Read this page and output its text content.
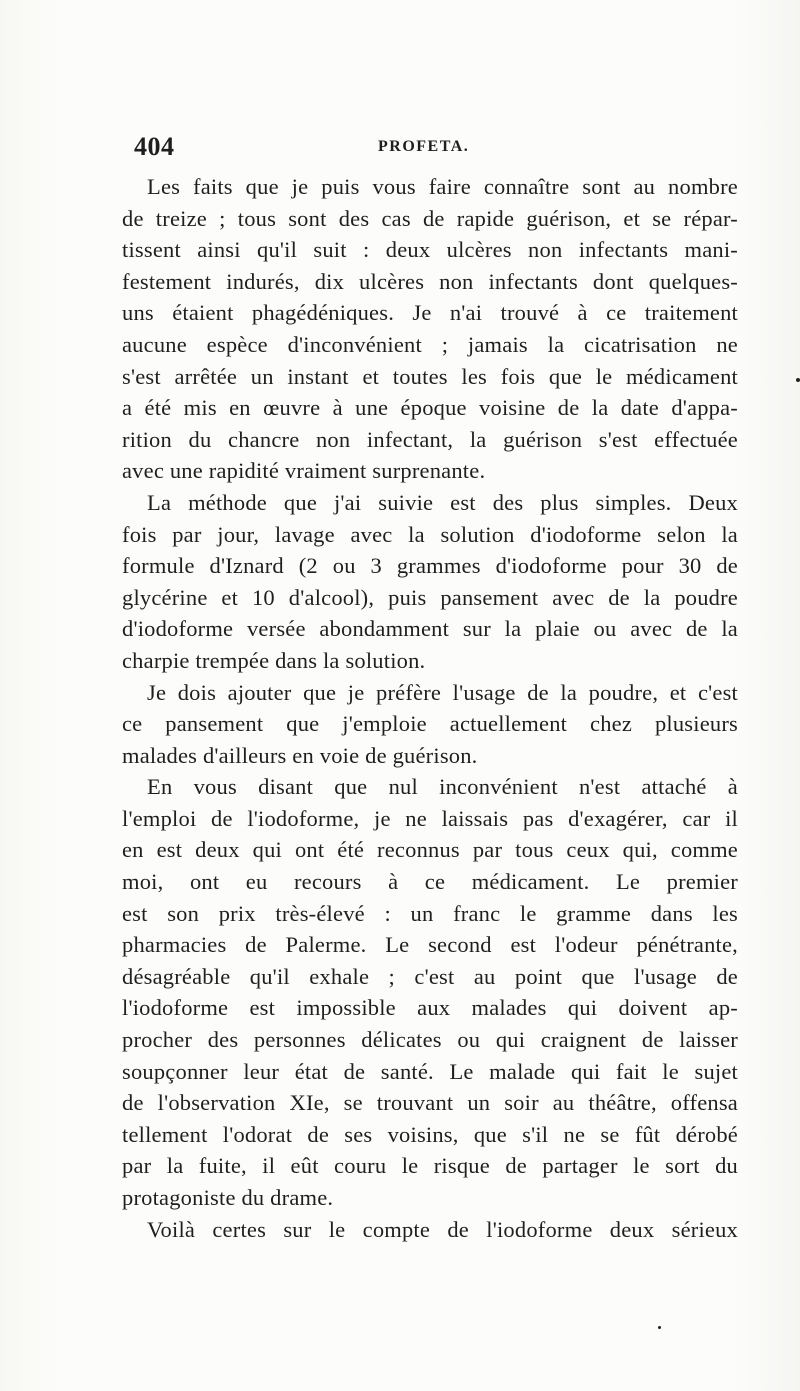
404	PROFETA.
Les faits que je puis vous faire connaître sont au nombre
de treize ; tous sont des cas de rapide guérison, et se répar-
tissent ainsi qu'il suit : deux ulcères non infectants mani-
festement indurés, dix ulcères non infectants dont quelques-
uns étaient phagédéniques. Je n'ai trouvé à ce traitement
aucune espèce d'inconvénient ; jamais la cicatrisation ne
s'est arrêtée un instant et toutes les fois que le médicament
a été mis en œuvre à une époque voisine de la date d'appa-
rition du chancre non infectant, la guérison s'est effectuée
avec une rapidité vraiment surprenante.
La méthode que j'ai suivie est des plus simples. Deux
fois par jour, lavage avec la solution d'iodoforme selon la
formule d'Iznard (2 ou 3 grammes d'iodoforme pour 30 de
glycérine et 10 d'alcool), puis pansement avec de la poudre
d'iodoforme versée abondamment sur la plaie ou avec de la
charpie trempée dans la solution.
Je dois ajouter que je préfère l'usage de la poudre, et c'est
ce pansement que j'emploie actuellement chez plusieurs
malades d'ailleurs en voie de guérison.
En vous disant que nul inconvénient n'est attaché à
l'emploi de l'iodoforme, je ne laissais pas d'exagérer, car il
en est deux qui ont été reconnus par tous ceux qui, comme
moi, ont eu recours à ce médicament. Le premier
est son prix très-élevé : un franc le gramme dans les
pharmacies de Palerme. Le second est l'odeur pénétrante,
désagréable qu'il exhale ; c'est au point que l'usage de
l'iodoforme est impossible aux malades qui doivent ap-
procher des personnes délicates ou qui craignent de laisser
soupçonner leur état de santé. Le malade qui fait le sujet
de l'observation XIe, se trouvant un soir au théâtre, offensa
tellement l'odorat de ses voisins, que s'il ne se fût dérobé
par la fuite, il eût couru le risque de partager le sort du
protagoniste du drame.
Voilà certes sur le compte de l'iodoforme deux sérieux
